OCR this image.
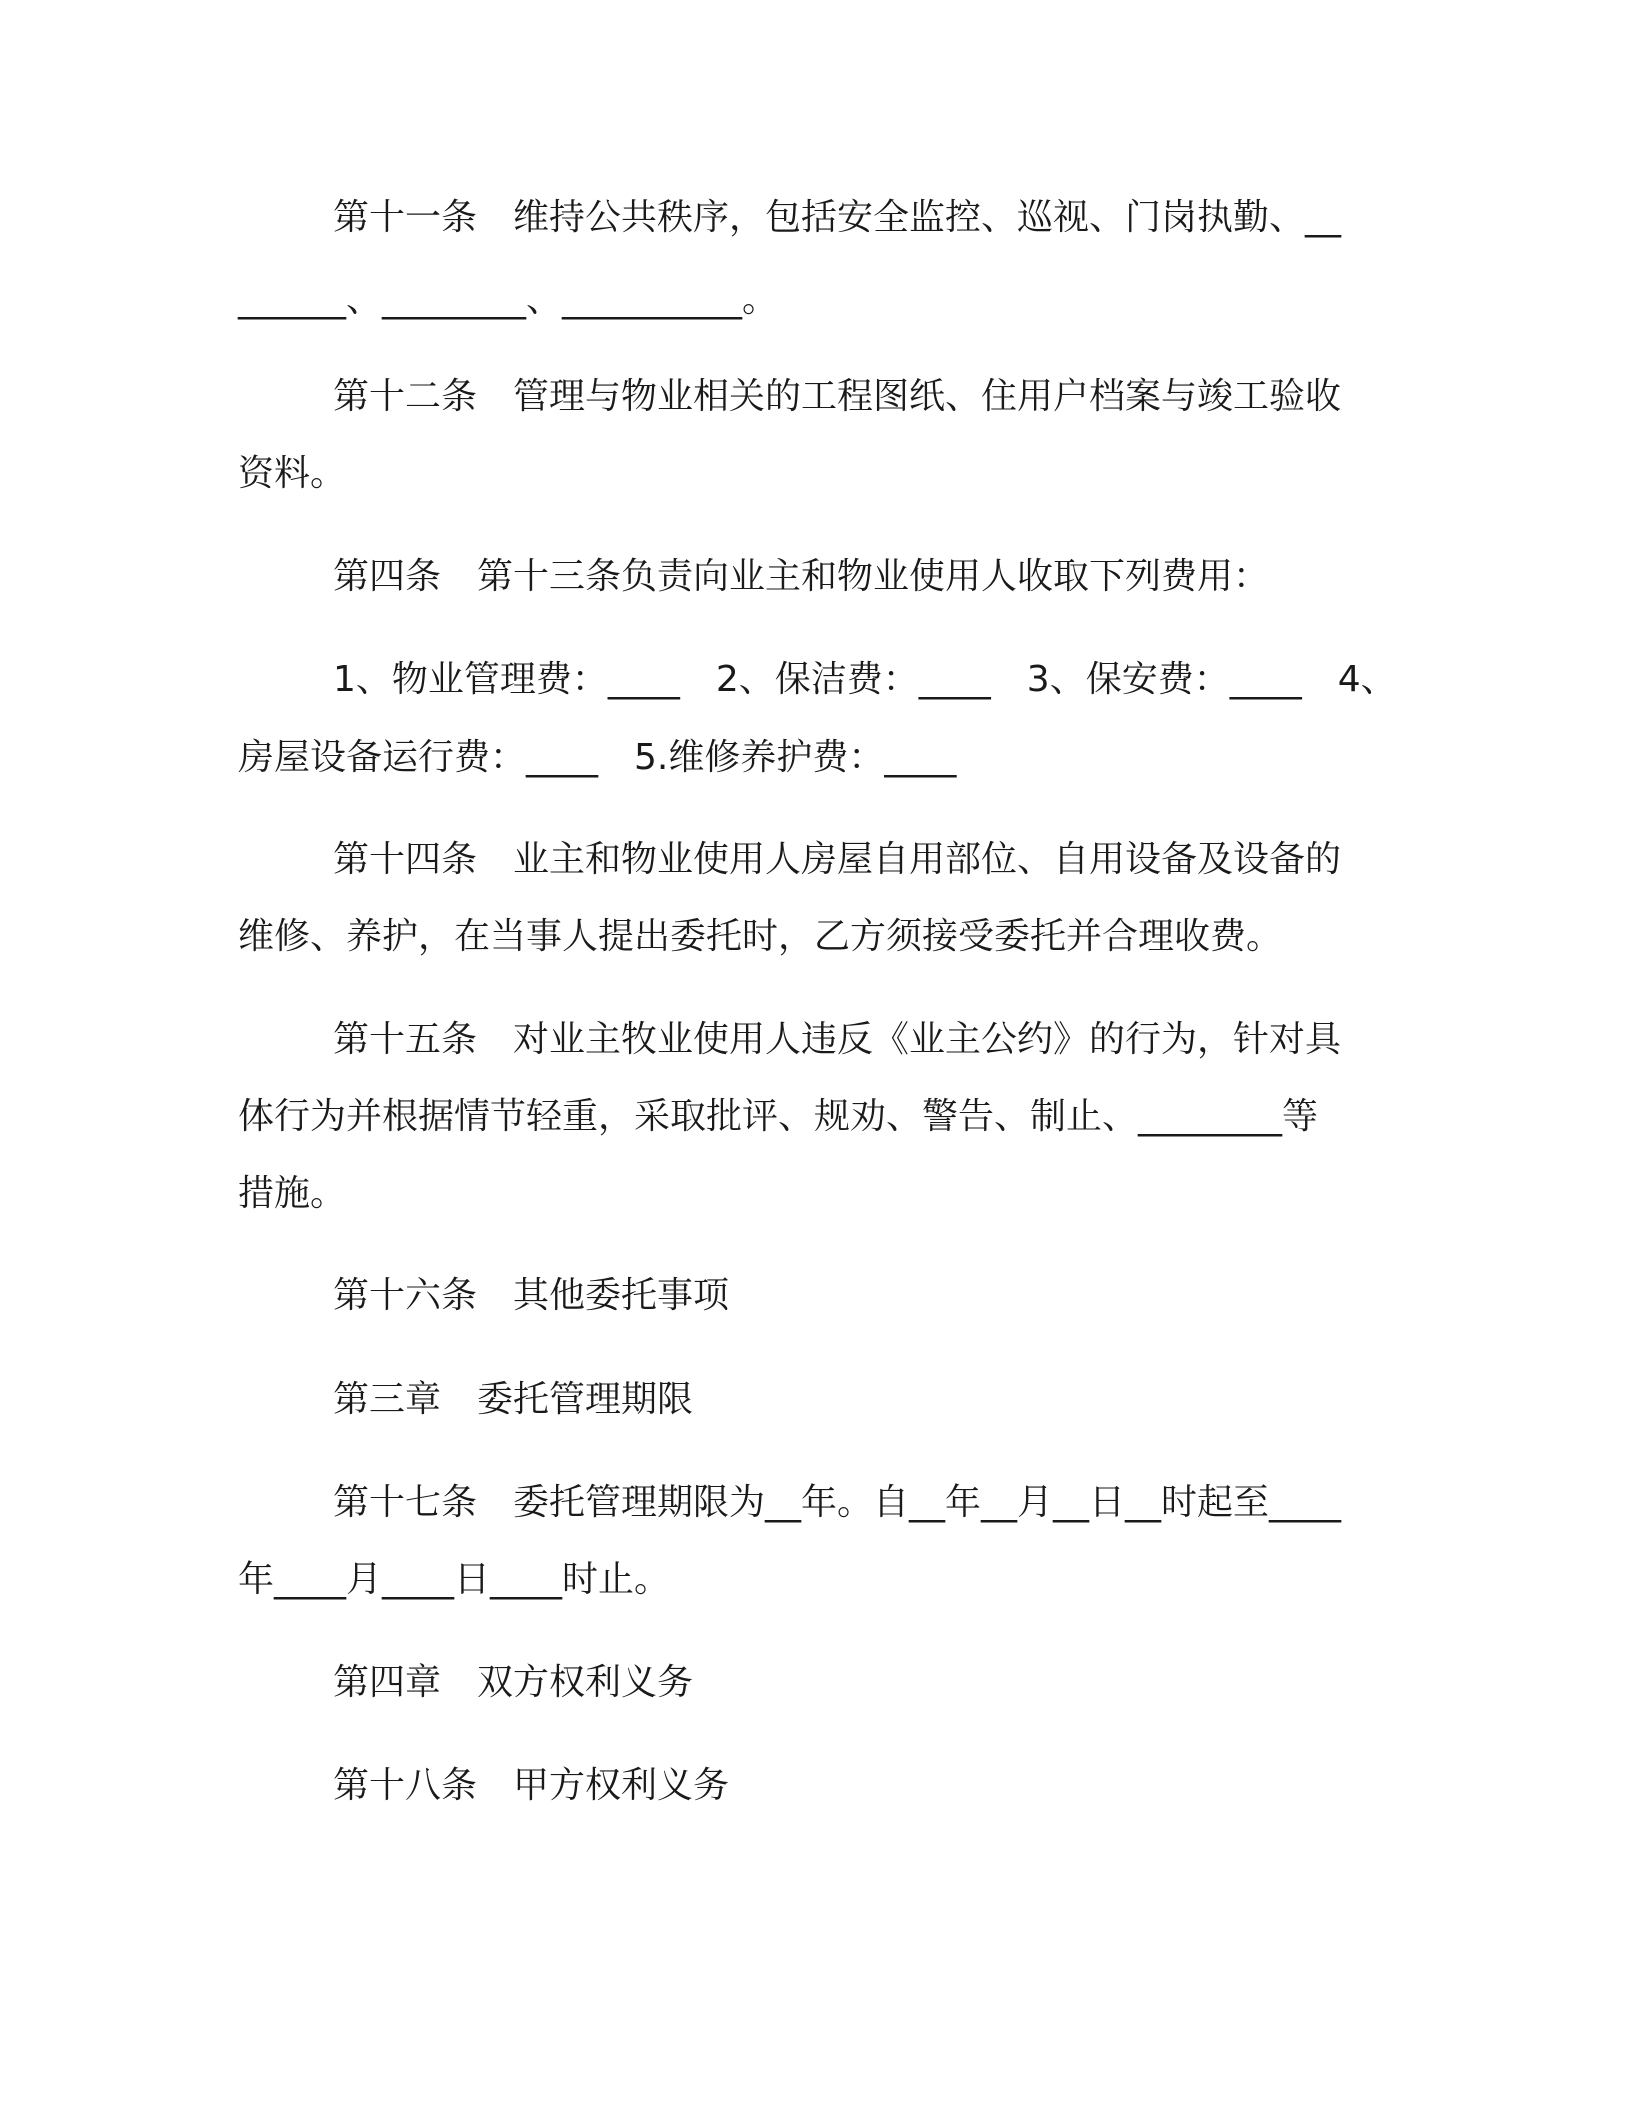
第十一条　维持公共秩序，包括安全监控、巡视、门岗执勤、__
______、________、__________。
第十二条　管理与物业相关的工程图纸、住用户档案与竣工验收
资料。
第四条　第十三条负责向业主和物业使用人收取下列费用：
1、物业管理费：____　2、保洁费：____　3、保安费：____　4、
房屋设备运行费：____　5.维修养护费：____
第十四条　业主和物业使用人房屋自用部位、自用设备及设备的
维修、养护，在当事人提出委托时，乙方须接受委托并合理收费。
第十五条　对业主牧业使用人违反《业主公约》的行为，针对具
体行为并根据情节轻重，采取批评、规劝、警告、制止、________等
措施。
第十六条　其他委托事项
第三章　委托管理期限
第十七条　委托管理期限为__年。自__年__月__日__时起至____
年____月____日____时止。
第四章　双方权利义务
第十八条　甲方权利义务
